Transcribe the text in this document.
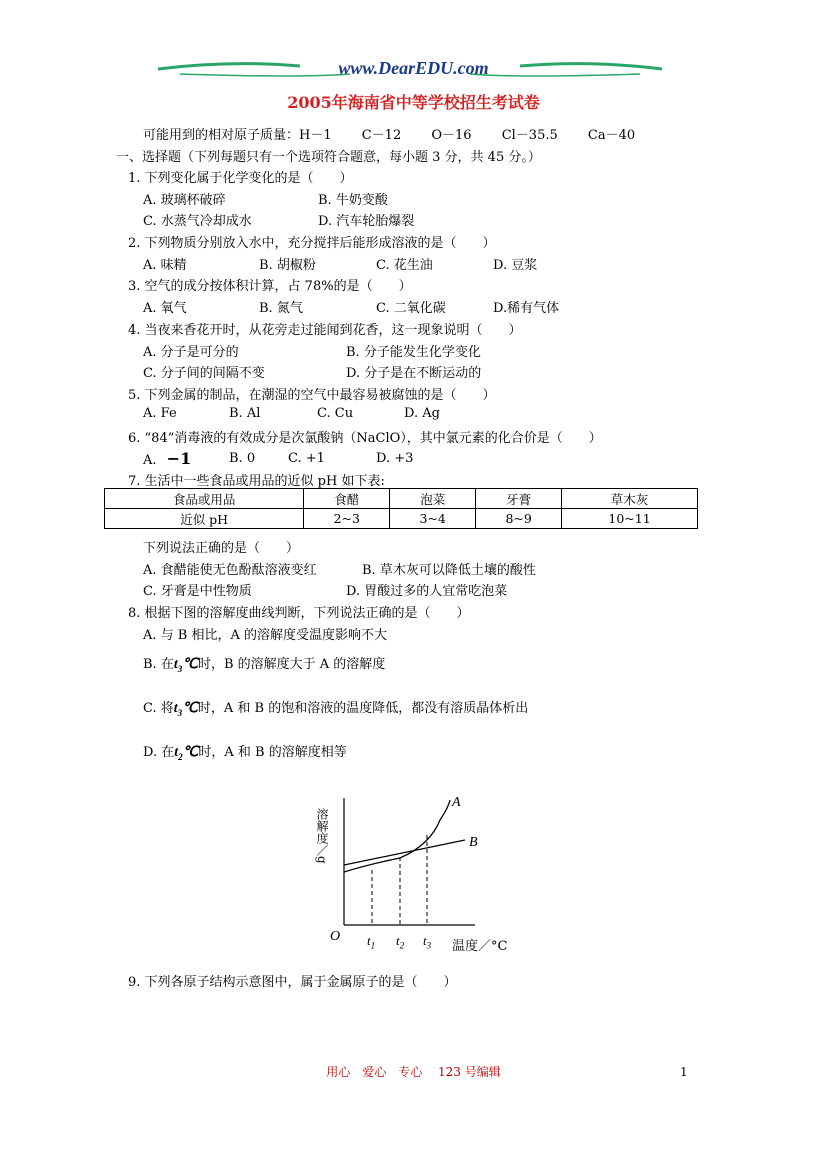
www.DearEDU.com
2005年海南省中等学校招生考试卷
可能用到的相对原子质量：H－1 　　C－12 　　O－16 　　Cl－35.5 　　Ca－40
一、选择题（下列每题只有一个选项符合题意，每小题 3 分，共 45 分。）
1. 下列变化属于化学变化的是（　　）
A. 玻璃杯破碎	B. 牛奶变酸
C. 水蒸气冷却成水	D. 汽车轮胎爆裂
2. 下列物质分别放入水中，充分搅拌后能形成溶液的是（　　）
A. 味精	B. 胡椒粉	C. 花生油	D. 豆浆
3. 空气的成分按体积计算，占 78%的是（　　）
A. 氧气	B. 氮气	C. 二氧化碳	D.稀有气体
4. 当夜来香花开时，从花旁走过能闻到花香，这一现象说明（　　）
A. 分子是可分的	B. 分子能发生化学变化
C. 分子间的间隔不变	D. 分子是在不断运动的
5. 下列金属的制品，在潮湿的空气中最容易被腐蚀的是（　　）
A. Fe	B. Al	C. Cu	D. Ag
6. “84”消毒液的有效成分是次氯酸钠（NaClO），其中氯元素的化合价是（　　）
A. −1	B. 0	C. +1	D. +3
7. 生活中一些食品或用品的近似 pH 如下表:
食品或用品	食醋	泡菜	牙膏	草木灰
近似 pH	2~3	3~4	8~9	10~11
下列说法正确的是（　　）
A. 食醋能使无色酚酞溶液变红	B. 草木灰可以降低土壤的酸性
C. 牙膏是中性物质	D. 胃酸过多的人宜常吃泡菜
8. 根据下图的溶解度曲线判断，下列说法正确的是（　　）
A. 与 B 相比，A 的溶解度受温度影响不大
B. 在$t_3℃$时，B 的溶解度大于 A 的溶解度
C. 将$t_3℃$时，A 和 B 的饱和溶液的温度降低，都没有溶质晶体析出
D. 在$t_2℃$时，A 和 B 的溶解度相等
溶解度／g
A
B
O $t_1$ $t_2$ $t_3$ 温度／°C
9. 下列各原子结构示意图中，属于金属原子的是（　　）
用心　爱心　专心　 123 号编辑	1
